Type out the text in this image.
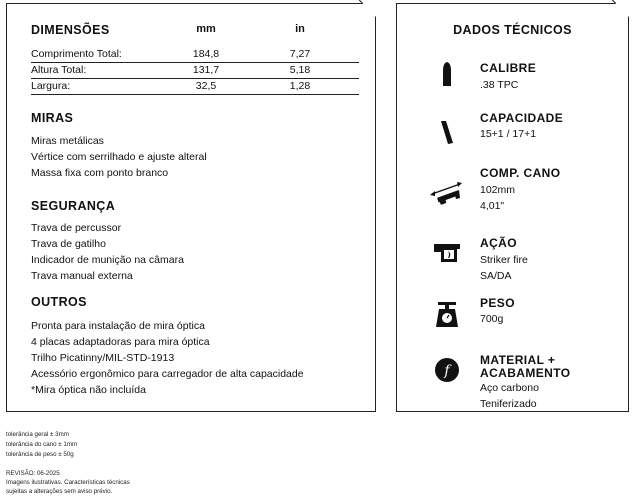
DIMENSÕES	mm	in
Comprimento Total:	184,8	7,27
Altura Total:	131,7	5,18
Largura:	32,5	1,28
MIRAS
Miras metálicas
Vértice com serrilhado e ajuste alteral
Massa fixa com ponto branco
SEGURANÇA
Trava de percussor
Trava de gatilho
Indicador de munição na câmara
Trava manual externa
OUTROS
Pronta para instalação de mira óptica
4 placas adaptadoras para mira óptica
Trilho Picatinny/MIL-STD-1913
Acessório ergonômico para carregador de alta capacidade
*Mira óptica não incluída
DADOS TÉCNICOS
CALIBRE
.38 TPC
CAPACIDADE
15+1 / 17+1
COMP. CANO
102mm
4,01"
AÇÃO
Striker fire
SA/DA
PESO
700g
f
MATERIAL +
ACABAMENTO
Aço carbono
Teniferizado
tolerância geral ± 3mm
tolerância do cano ± 1mm
tolerância de peso ± 50g
REVISÃO: 06-2025
Imagens ilustrativas. Características técnicas
sujeitas a alterações sem aviso prévio.
